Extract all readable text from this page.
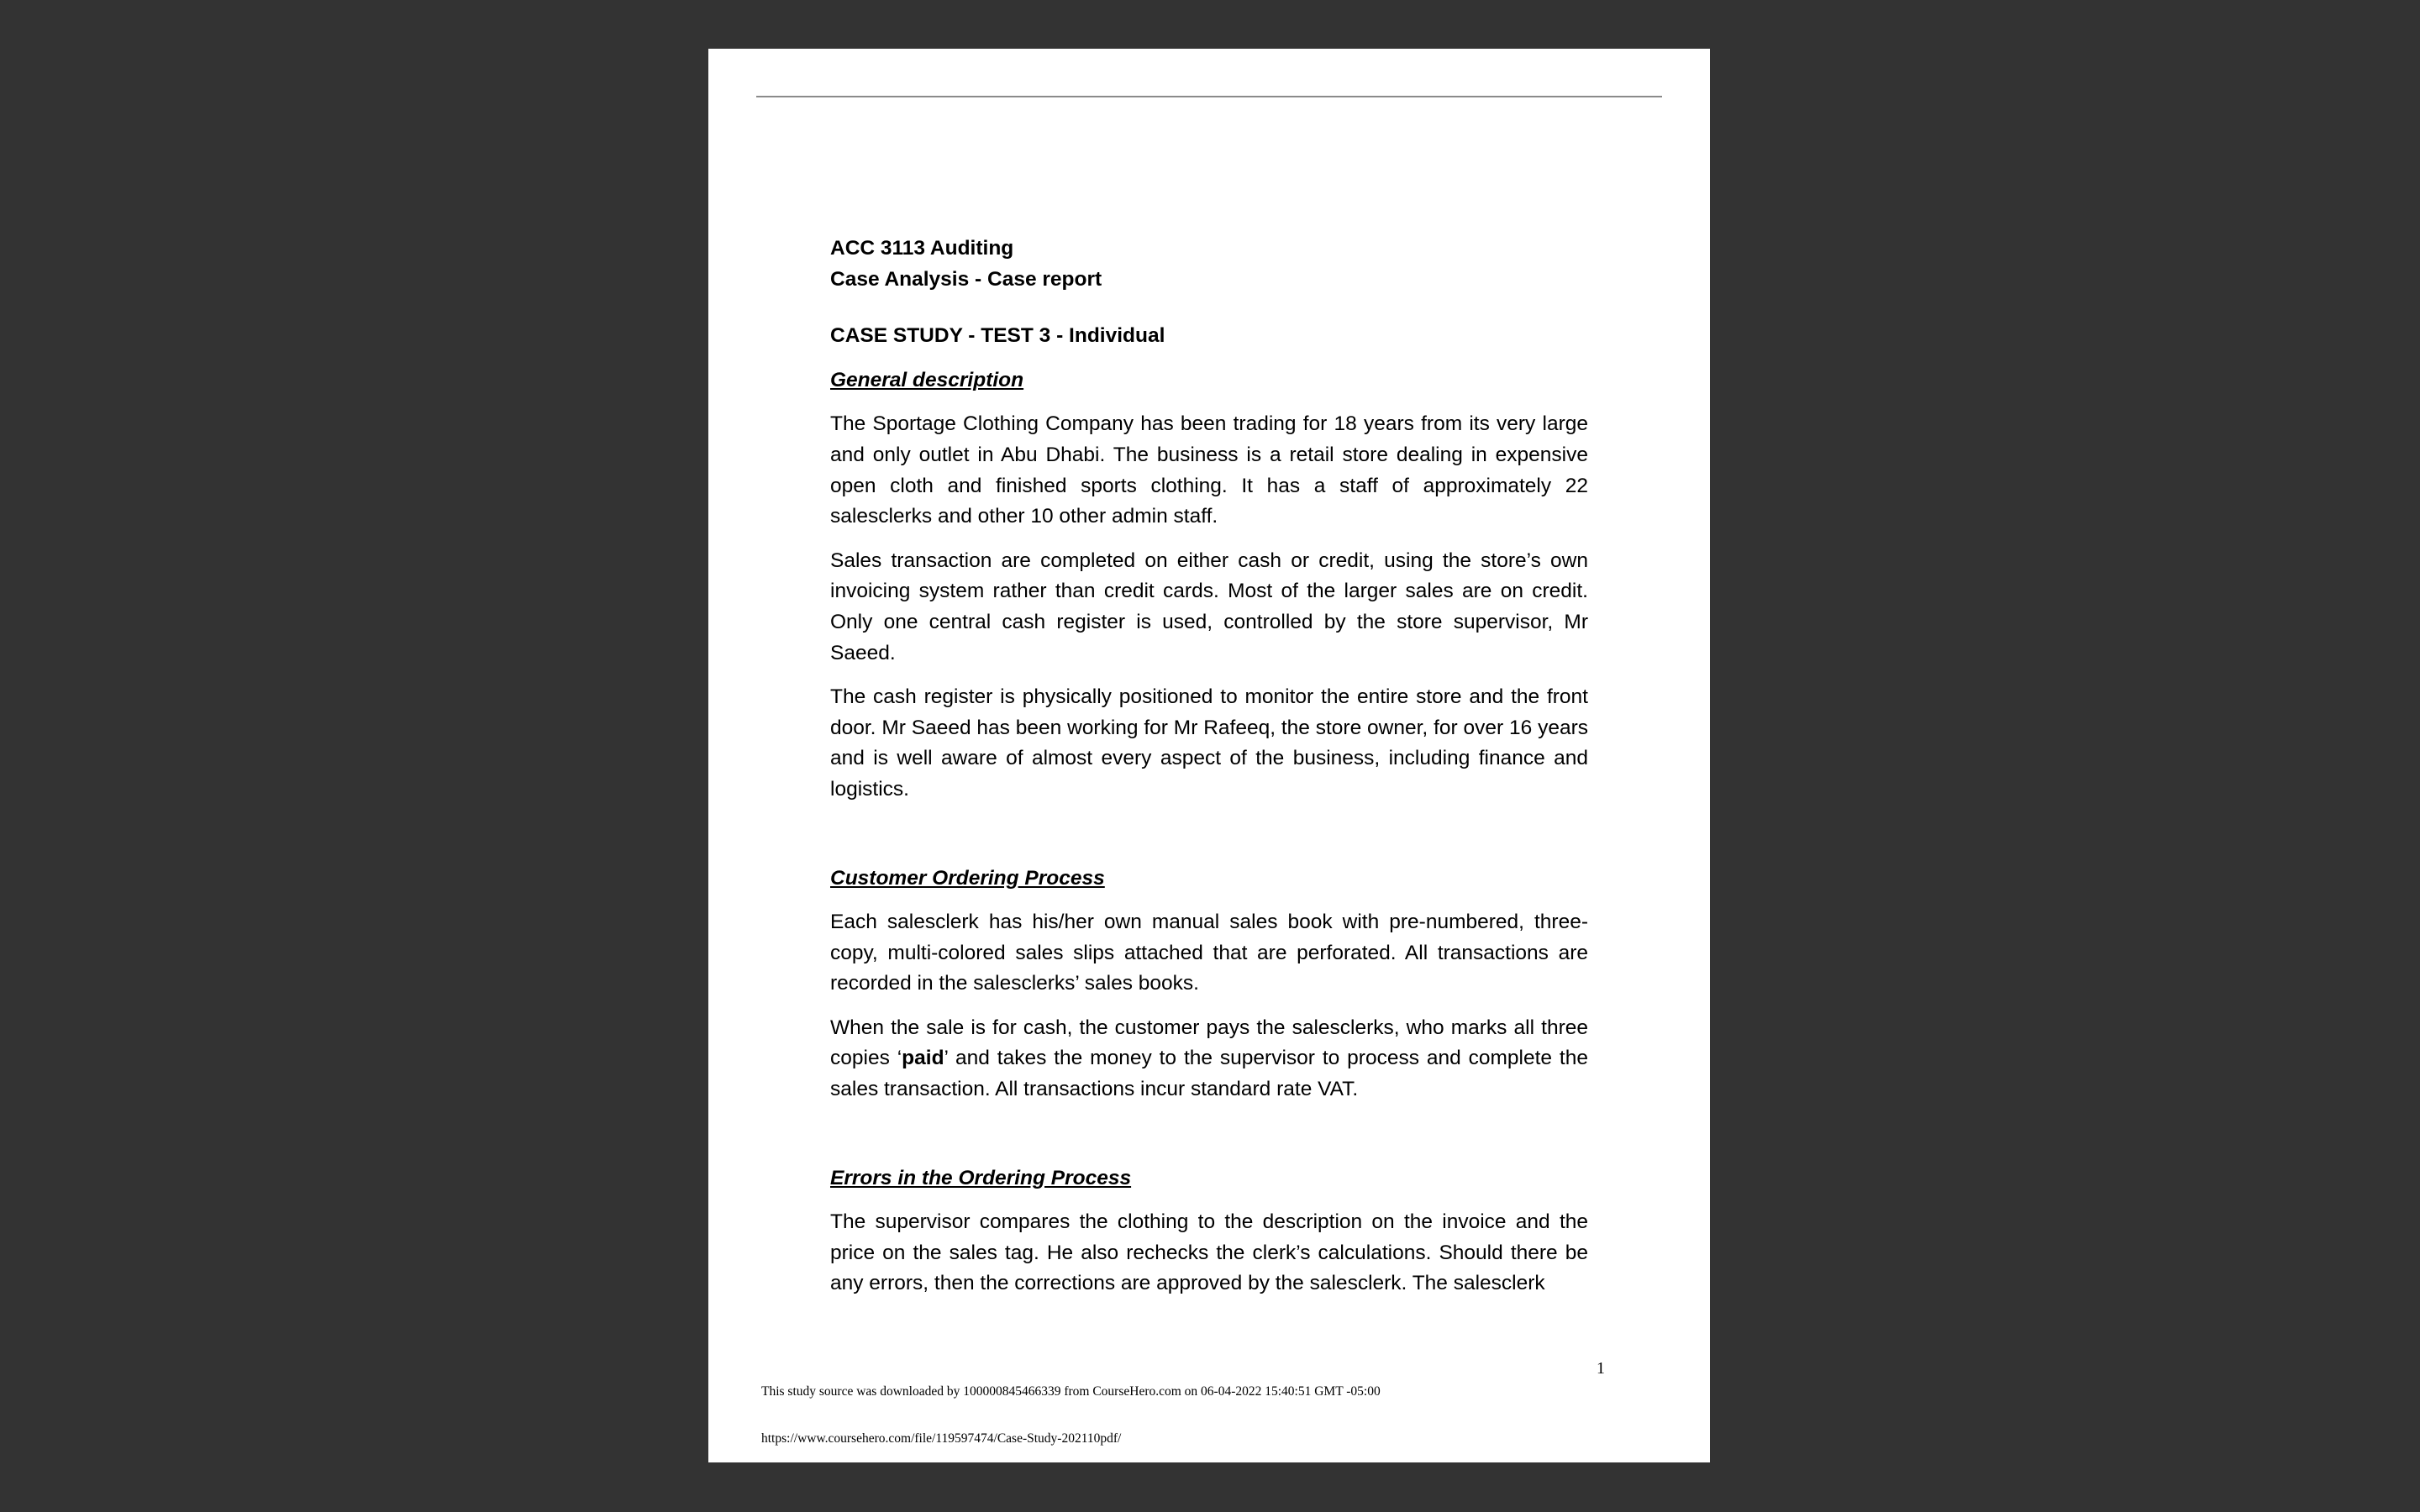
ACC 3113 Auditing
Case Analysis - Case report

CASE STUDY - TEST 3 - Individual

General description

The Sportage Clothing Company has been trading for 18 years from its very large and only outlet in Abu Dhabi. The business is a retail store dealing in expensive open cloth and finished sports clothing. It has a staff of approximately 22 salesclerks and other 10 other admin staff.

Sales transaction are completed on either cash or credit, using the store’s own invoicing system rather than credit cards. Most of the larger sales are on credit. Only one central cash register is used, controlled by the store supervisor, Mr Saeed.

The cash register is physically positioned to monitor the entire store and the front door. Mr Saeed has been working for Mr Rafeeq, the store owner, for over 16 years and is well aware of almost every aspect of the business, including finance and logistics.

Customer Ordering Process

Each salesclerk has his/her own manual sales book with pre-numbered, three-copy, multi-colored sales slips attached that are perforated. All transactions are recorded in the salesclerks’ sales books.

When the sale is for cash, the customer pays the salesclerks, who marks all three copies ‘paid’ and takes the money to the supervisor to process and complete the sales transaction. All transactions incur standard rate VAT.

Errors in the Ordering Process

The supervisor compares the clothing to the description on the invoice and the price on the sales tag. He also rechecks the clerk’s calculations. Should there be any errors, then the corrections are approved by the salesclerk. The salesclerk

1
This study source was downloaded by 100000845466339 from CourseHero.com on 06-04-2022 15:40:51 GMT -05:00
https://www.coursehero.com/file/119597474/Case-Study-202110pdf/
